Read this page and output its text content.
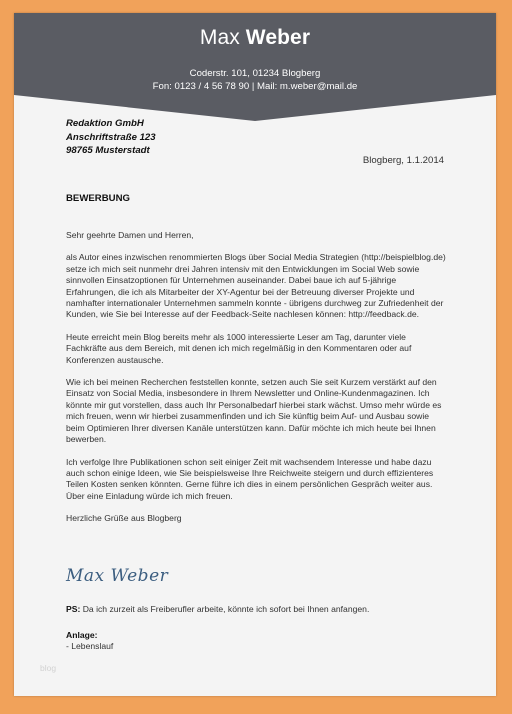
Max Weber
Coderstr. 101, 01234 Blogberg
Fon: 0123 / 4 56 78 90 | Mail: m.weber@mail.de
Redaktion GmbH
Anschriftstraße 123
98765 Musterstadt
Blogberg, 1.1.2014
BEWERBUNG

Sehr geehrte Damen und Herren,

als Autor eines inzwischen renommierten Blogs über Social Media Strategien (http://beispielblog.de) setze ich mich seit nunmehr drei Jahren intensiv mit den Entwicklungen im Social Web sowie sinnvollen Einsatzoptionen für Unternehmen auseinander. Dabei baue ich auf 5-jährige Erfahrungen, die ich als Mitarbeiter der XY-Agentur bei der Betreuung diverser Projekte und namhafter internationaler Unternehmen sammeln konnte - übrigens durchweg zur Zufriedenheit der Kunden, wie Sie bei Interesse auf der Feedback-Seite nachlesen können: http://feedback.de.

Heute erreicht mein Blog bereits mehr als 1000 interessierte Leser am Tag, darunter viele Fachkräfte aus dem Bereich, mit denen ich mich regelmäßig in den Kommentaren oder auf Konferenzen austausche.

Wie ich bei meinen Recherchen feststellen konnte, setzen auch Sie seit Kurzem verstärkt auf den Einsatz von Social Media, insbesondere in Ihrem Newsletter und Online-Kundenmagazinen. Ich könnte mir gut vorstellen, dass auch Ihr Personalbedarf hierbei stark wächst. Umso mehr würde es mich freuen, wenn wir hierbei zusammenfinden und ich Sie künftig beim Auf- und Ausbau sowie beim Optimieren Ihrer diversen Kanäle unterstützen kann. Dafür möchte ich mich heute bei Ihnen bewerben.

Ich verfolge Ihre Publikationen schon seit einiger Zeit mit wachsendem Interesse und habe dazu auch schon einige Ideen, wie Sie beispielsweise Ihre Reichweite steigern und durch effizienteres Teilen Kosten senken könnten. Gerne führe ich dies in einem persönlichen Gespräch weiter aus. Über eine Einladung würde ich mich freuen.

Herzliche Grüße aus Blogberg

Max Weber
PS: Da ich zurzeit als Freiberufler arbeite, könnte ich sofort bei Ihnen anfangen.
Anlage:
- Lebenslauf
blog
